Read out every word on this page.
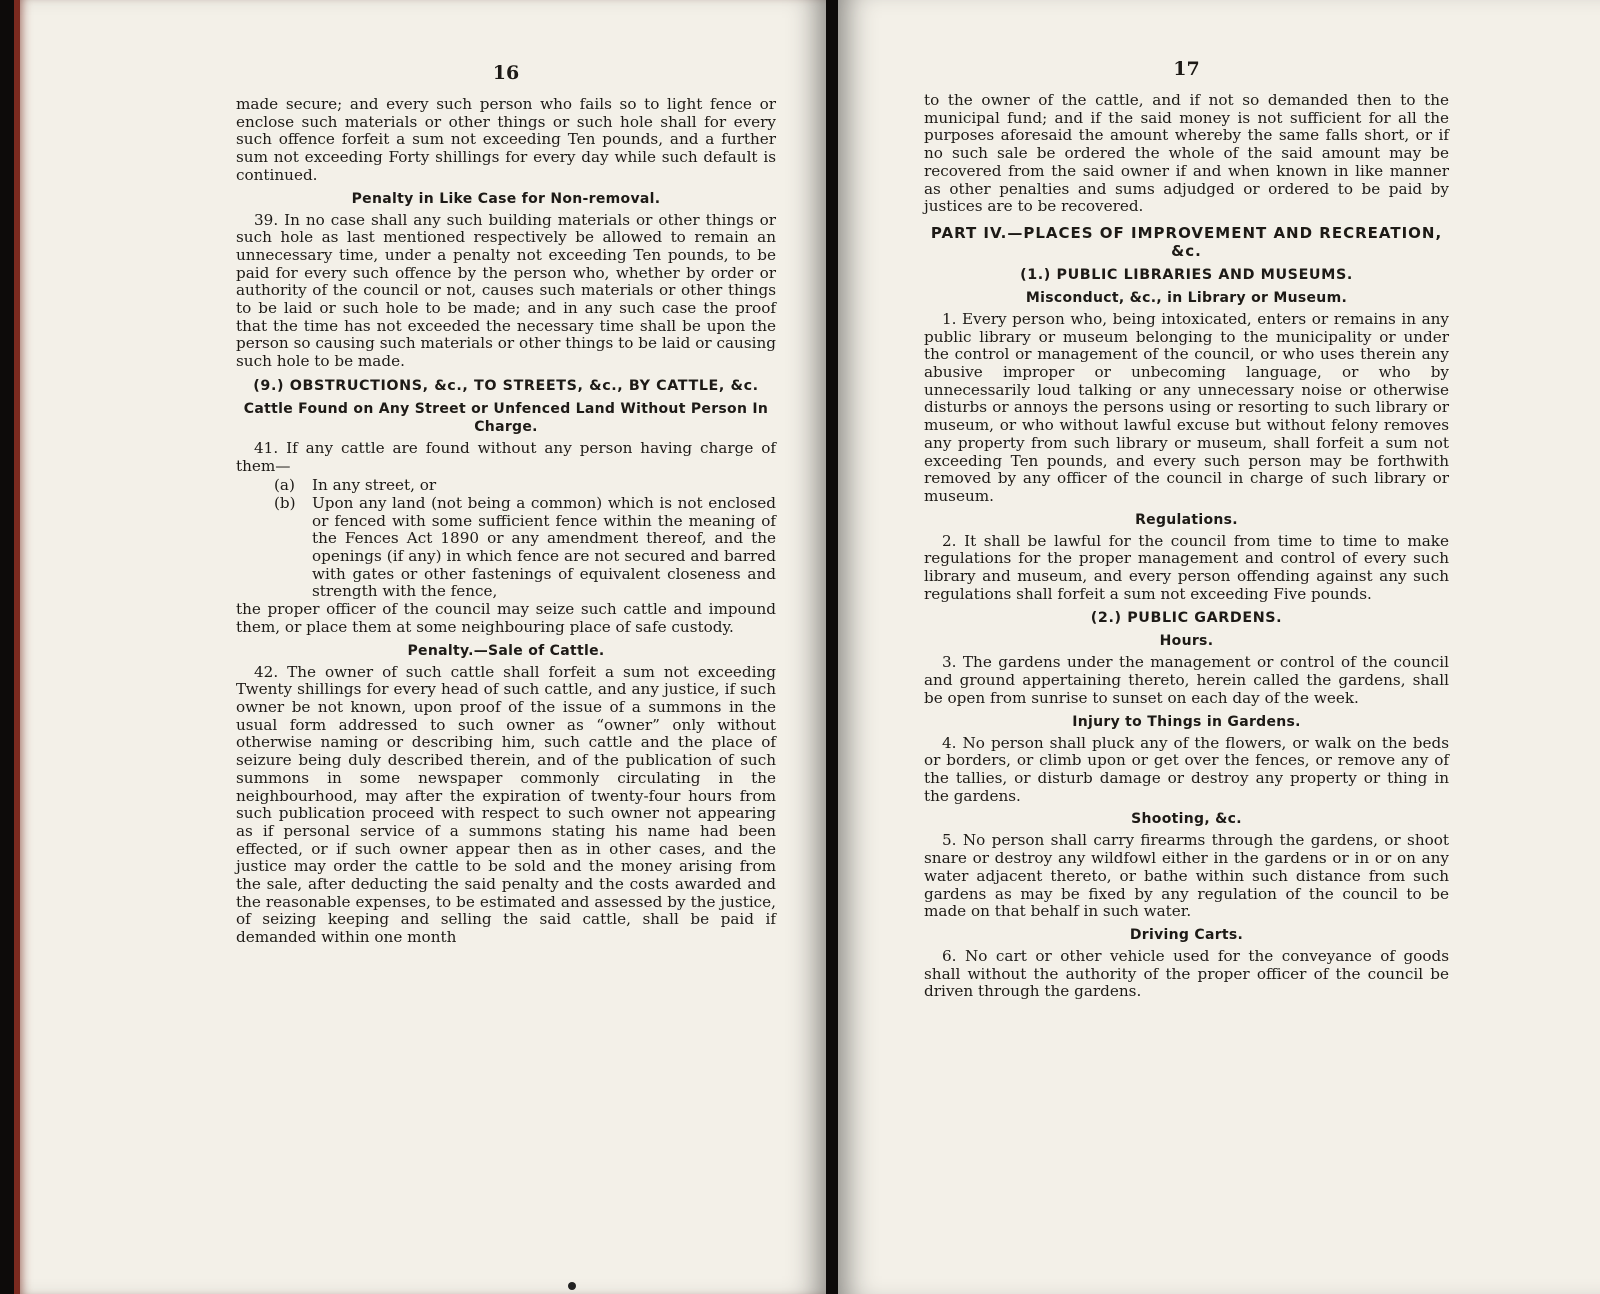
16

made secure; and every such person who fails so to light fence or enclose such materials or other things or such hole shall for every such offence forfeit a sum not exceeding Ten pounds, and a further sum not exceeding Forty shillings for every day while such default is continued.

Penalty in Like Case for Non-removal.

39. In no case shall any such building materials or other things or such hole as last mentioned respectively be allowed to remain an unnecessary time, under a penalty not exceeding Ten pounds, to be paid for every such offence by the person who, whether by order or authority of the council or not, causes such materials or other things to be laid or such hole to be made; and in any such case the proof that the time has not exceeded the necessary time shall be upon the person so causing such materials or other things to be laid or causing such hole to be made.

(9.) OBSTRUCTIONS, &c., TO STREETS, &c., BY CATTLE, &c.
Cattle Found on Any Street or Unfenced Land Without Person In Charge.

41. If any cattle are found without any person having charge of them—

(a)	In any street, or
(b)	Upon any land (not being a common) which is not enclosed or fenced with some sufficient fence within the meaning of the Fences Act 1890 or any amendment thereof, and the openings (if any) in which fence are not secured and barred with gates or other fastenings of equivalent closeness and strength with the fence,

the proper officer of the council may seize such cattle and impound them, or place them at some neighbouring place of safe custody.

Penalty.—Sale of Cattle.

42. The owner of such cattle shall forfeit a sum not exceeding Twenty shillings for every head of such cattle, and any justice, if such owner be not known, upon proof of the issue of a summons in the usual form addressed to such owner as “owner” only without otherwise naming or describing him, such cattle and the place of seizure being duly described therein, and of the publication of such summons in some newspaper commonly circulating in the neighbourhood, may after the expiration of twenty-four hours from such publication proceed with respect to such owner not appearing as if personal service of a summons stating his name had been effected, or if such owner appear then as in other cases, and the justice may order the cattle to be sold and the money arising from the sale, after deducting the said penalty and the costs awarded and the reasonable expenses, to be estimated and assessed by the justice, of seizing keeping and selling the said cattle, shall be paid if demanded within one month

17

to the owner of the cattle, and if not so demanded then to the municipal fund; and if the said money is not sufficient for all the purposes aforesaid the amount whereby the same falls short, or if no such sale be ordered the whole of the said amount may be recovered from the said owner if and when known in like manner as other penalties and sums adjudged or ordered to be paid by justices are to be recovered.

PART IV.—PLACES OF IMPROVEMENT AND RECREATION, &c.
(1.) PUBLIC LIBRARIES AND MUSEUMS.
Misconduct, &c., in Library or Museum.

1. Every person who, being intoxicated, enters or remains in any public library or museum belonging to the municipality or under the control or management of the council, or who uses therein any abusive improper or unbecoming language, or who by unnecessarily loud talking or any unnecessary noise or otherwise disturbs or annoys the persons using or resorting to such library or museum, or who without lawful excuse but without felony removes any property from such library or museum, shall forfeit a sum not exceeding Ten pounds, and every such person may be forthwith removed by any officer of the council in charge of such library or museum.

Regulations.

2. It shall be lawful for the council from time to time to make regulations for the proper management and control of every such library and museum, and every person offending against any such regulations shall forfeit a sum not exceeding Five pounds.

(2.) PUBLIC GARDENS.
Hours.

3. The gardens under the management or control of the council and ground appertaining thereto, herein called the gardens, shall be open from sunrise to sunset on each day of the week.

Injury to Things in Gardens.

4. No person shall pluck any of the flowers, or walk on the beds or borders, or climb upon or get over the fences, or remove any of the tallies, or disturb damage or destroy any property or thing in the gardens.

Shooting, &c.

5. No person shall carry firearms through the gardens, or shoot snare or destroy any wildfowl either in the gardens or in or on any water adjacent thereto, or bathe within such distance from such gardens as may be fixed by any regulation of the council to be made on that behalf in such water.

Driving Carts.

6. No cart or other vehicle used for the conveyance of goods shall without the authority of the proper officer of the council be driven through the gardens.
